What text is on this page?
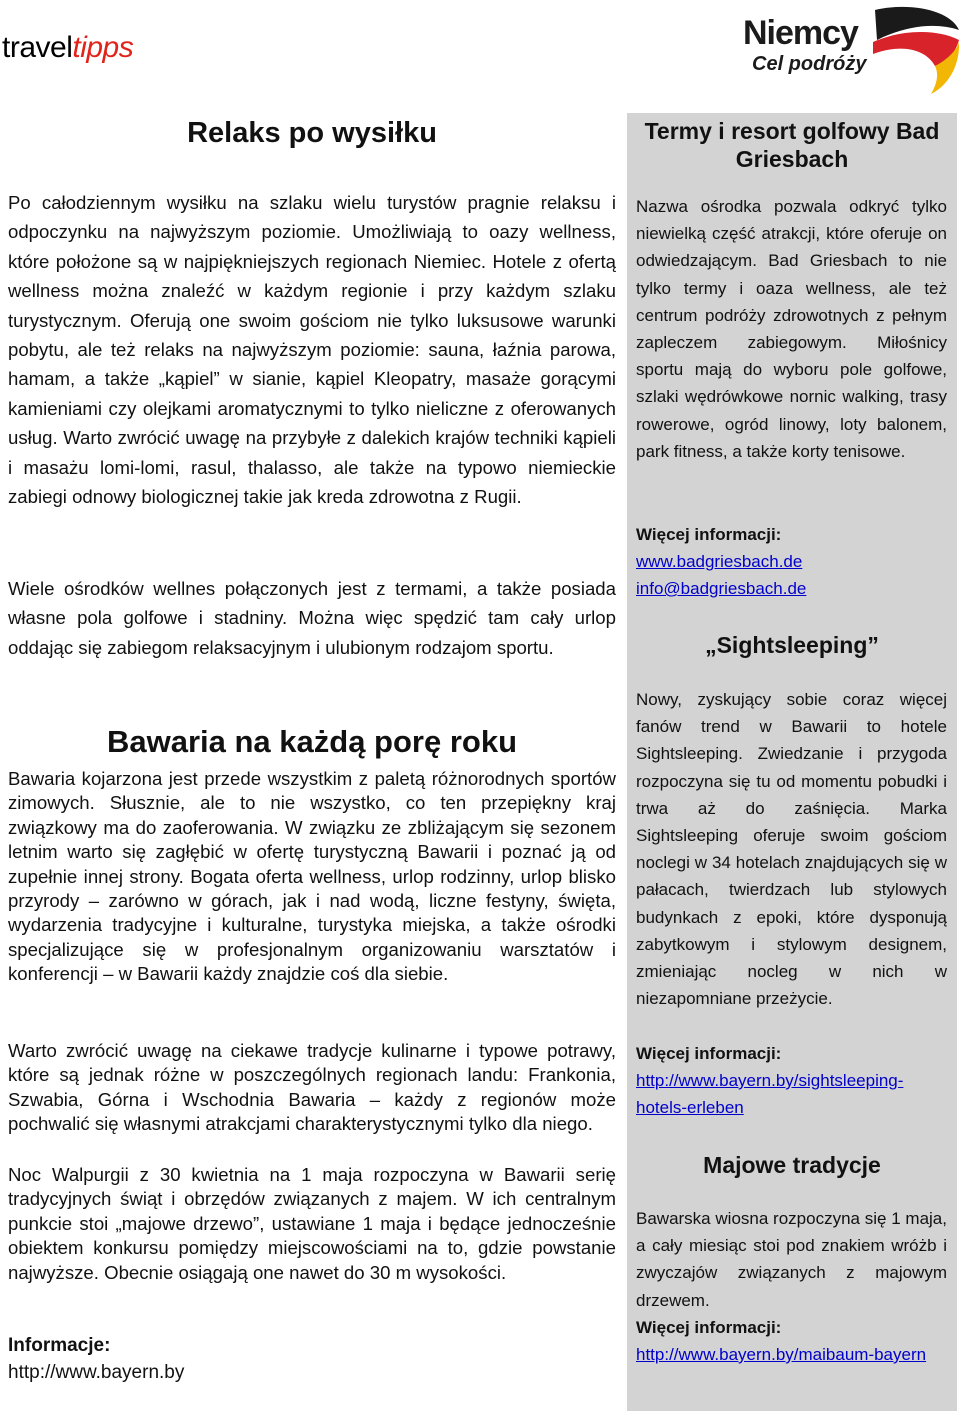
traveltipps	Niemcy
Cel podróży
Relaks po wysiłku

Po całodziennym wysiłku na szlaku wielu turystów pragnie relaksu i odpoczynku na najwyższym poziomie. Umożliwiają to oazy wellness, które położone są w najpiękniejszych regionach Niemiec. Hotele z ofertą wellness można znaleźć w każdym regionie i przy każdym szlaku turystycznym. Oferują one swoim gościom nie tylko luksusowe warunki pobytu, ale też relaks na najwyższym poziomie: sauna, łaźnia parowa, hamam, a także „kąpiel” w sianie, kąpiel Kleopatry, masaże gorącymi kamieniami czy olejkami aromatycznymi to tylko nieliczne z oferowanych usług. Warto zwrócić uwagę na przybyłe z dalekich krajów techniki kąpieli i masażu lomi-lomi, rasul, thalasso, ale także na typowo niemieckie zabiegi odnowy biologicznej takie jak kreda zdrowotna z Rugii.

Wiele ośrodków wellnes połączonych jest z termami, a także posiada własne pola golfowe i stadniny. Można więc spędzić tam cały urlop oddając się zabiegom relaksacyjnym i ulubionym rodzajom sportu.

Bawaria na każdą porę roku

Bawaria kojarzona jest przede wszystkim z paletą różnorodnych sportów zimowych. Słusznie, ale to nie wszystko, co ten przepiękny kraj związkowy ma do zaoferowania. W związku ze zbliżającym się sezonem letnim warto się zagłębić w ofertę turystyczną Bawarii i poznać ją od zupełnie innej strony. Bogata oferta wellness, urlop rodzinny, urlop blisko przyrody – zarówno w górach, jak i nad wodą, liczne festyny, święta, wydarzenia tradycyjne i kulturalne, turystyka miejska, a także ośrodki specjalizujące się w profesjonalnym organizowaniu warsztatów i konferencji – w Bawarii każdy znajdzie coś dla siebie.

Warto zwrócić uwagę na ciekawe tradycje kulinarne i typowe potrawy, które są jednak różne w poszczególnych regionach landu: Frankonia, Szwabia, Górna i Wschodnia Bawaria – każdy z regionów może pochwalić się własnymi atrakcjami charakterystycznymi tylko dla niego.

Noc Walpurgii z 30 kwietnia na 1 maja rozpoczyna w Bawarii serię tradycyjnych świąt i obrzędów związanych z majem. W ich centralnym punkcie stoi „majowe drzewo”, ustawiane 1 maja i będące jednocześnie obiektem konkursu pomiędzy miejscowościami na to, gdzie powstanie najwyższe. Obecnie osiągają one nawet do 30 m wysokości.

Informacje:
http://www.bayern.by
Termy i resort golfowy Bad Griesbach

Nazwa ośrodka pozwala odkryć tylko niewielką część atrakcji, które oferuje on odwiedzającym. Bad Griesbach to nie tylko termy i oaza wellness, ale też centrum podróży zdrowotnych z pełnym zapleczem zabiegowym. Miłośnicy sportu mają do wyboru pole golfowe, szlaki wędrówkowe nornic walking, trasy rowerowe, ogród linowy, loty balonem, park fitness, a także korty tenisowe.

Więcej informacji:
www.badgriesbach.de
info@badgriesbach.de
„Sightsleeping”

Nowy, zyskujący sobie coraz więcej fanów trend w Bawarii to hotele Sightsleeping. Zwiedzanie i przygoda rozpoczyna się tu od momentu pobudki i trwa aż do zaśnięcia. Marka Sightsleeping oferuje swoim gościom noclegi w 34 hotelach znajdujących się w pałacach, twierdzach lub stylowych budynkach z epoki, które dysponują zabytkowym i stylowym designem, zmieniając nocleg w nich w niezapomniane przeżycie.

Więcej informacji:
http://www.bayern.by/sightsleeping-hotels-erleben
Majowe tradycje

Bawarska wiosna rozpoczyna się 1 maja, a cały miesiąc stoi pod znakiem wróżb i zwyczajów związanych z majowym drzewem.

Więcej informacji:
http://www.bayern.by/maibaum-bayern
